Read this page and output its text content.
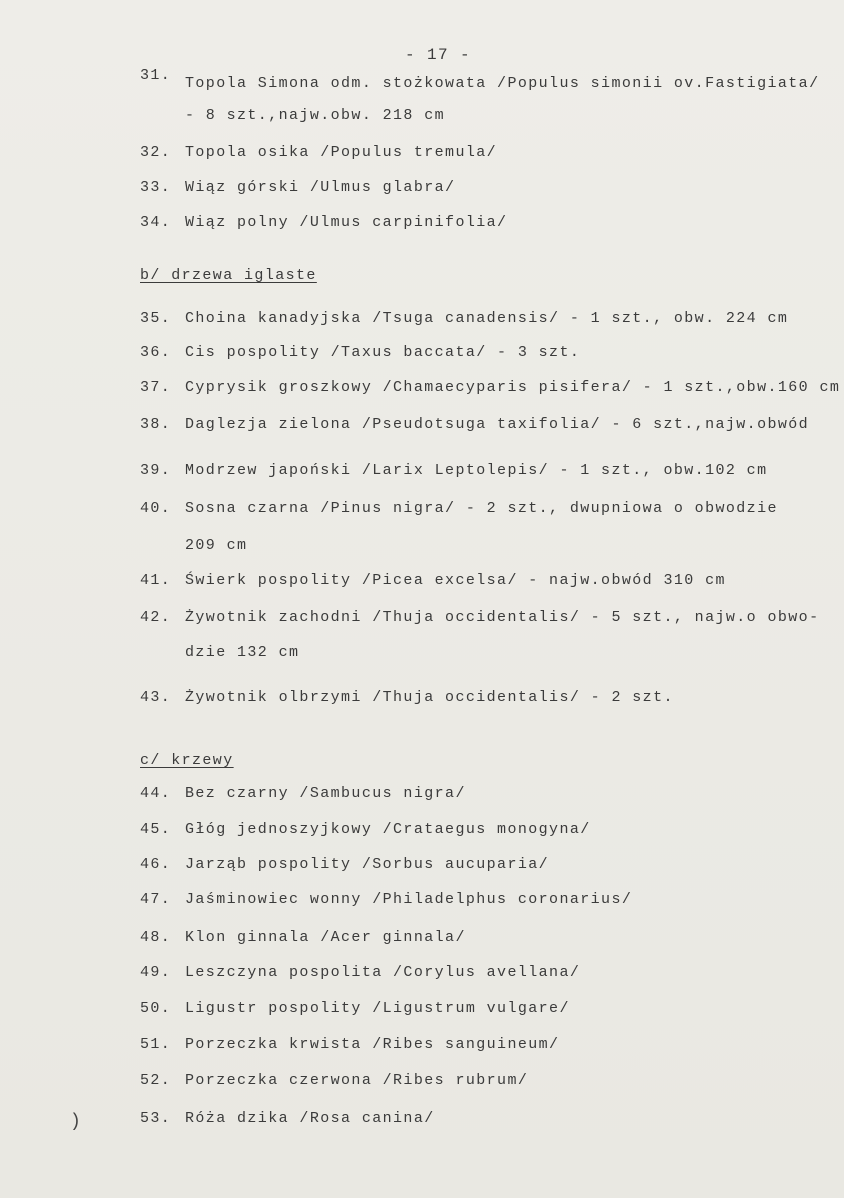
- 17 -
31. Topola Simona odm. stożkowata /Populus simonii ov.Fastigiata/
- 8 szt.,najw.obw. 218 cm
32. Topola osika /Populus tremula/
33. Wiąz górski /Ulmus glabra/
34. Wiąz polny /Ulmus carpinifolia/
b/ drzewa iglaste
35. Choina kanadyjska /Tsuga canadensis/ - 1 szt., obw. 224 cm
36. Cis pospolity /Taxus baccata/ - 3 szt.
37. Cyprysik groszkowy /Chamaecyparis pisifera/ - 1 szt.,obw.160 cm
38. Daglezja zielona /Pseudotsuga taxifolia/ - 6 szt.,najw.obwód
39. Modrzew japoński /Larix Leptolepis/ - 1 szt., obw.102 cm
40. Sosna czarna /Pinus nigra/ - 2 szt., dwupniowa o obwodzie
209 cm
41. Świerk pospolity /Picea excelsa/ - najw.obwód 310 cm
42. Żywotnik zachodni /Thuja occidentalis/ - 5 szt., najw.o obwo-
dzie 132 cm
43. Żywotnik olbrzymi /Thuja occidentalis/ - 2 szt.
c/ krzewy
44. Bez czarny /Sambucus nigra/
45. Głóg jednoszyjkowy /Crataegus monogyna/
46. Jarząb pospolity /Sorbus aucuparia/
47. Jaśminowiec wonny /Philadelphus coronarius/
48. Klon ginnala /Acer ginnala/
49. Leszczyna pospolita /Corylus avellana/
50. Ligustr pospolity /Ligustrum vulgare/
51. Porzeczka krwista /Ribes sanguineum/
52. Porzeczka czerwona /Ribes rubrum/
53. Róża dzika /Rosa canina/
)
